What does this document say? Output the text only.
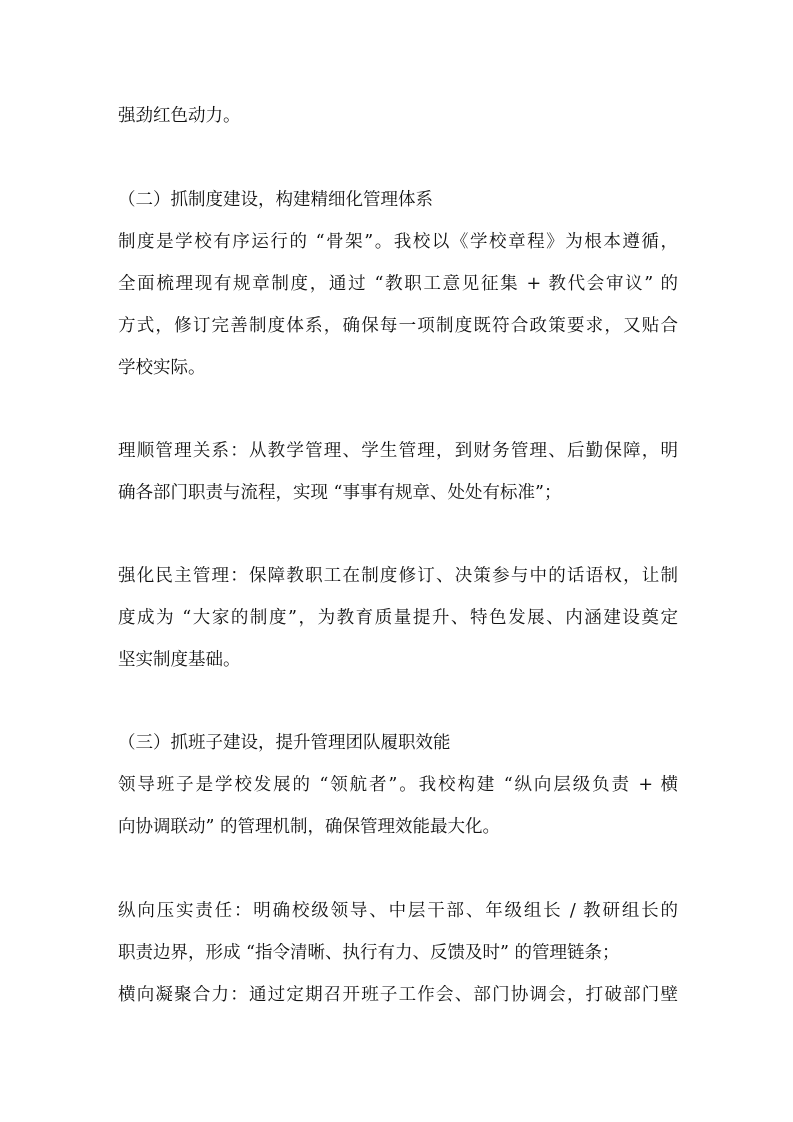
强劲红色动力。
（二）抓制度建设，构建精细化管理体系
制度是学校有序运行的 “骨架”。我校以《学校章程》为根本遵循，
全面梳理现有规章制度，通过 “教职工意见征集 + 教代会审议” 的
方式，修订完善制度体系，确保每一项制度既符合政策要求，又贴合
学校实际。
理顺管理关系：从教学管理、学生管理，到财务管理、后勤保障，明
确各部门职责与流程，实现 “事事有规章、处处有标准”；
强化民主管理：保障教职工在制度修订、决策参与中的话语权，让制
度成为 “大家的制度”，为教育质量提升、特色发展、内涵建设奠定
坚实制度基础。
（三）抓班子建设，提升管理团队履职效能
领导班子是学校发展的 “领航者”。我校构建 “纵向层级负责 + 横
向协调联动” 的管理机制，确保管理效能最大化。
纵向压实责任：明确校级领导、中层干部、年级组长 / 教研组长的
职责边界，形成 “指令清晰、执行有力、反馈及时” 的管理链条；
横向凝聚合力：通过定期召开班子工作会、部门协调会，打破部门壁
